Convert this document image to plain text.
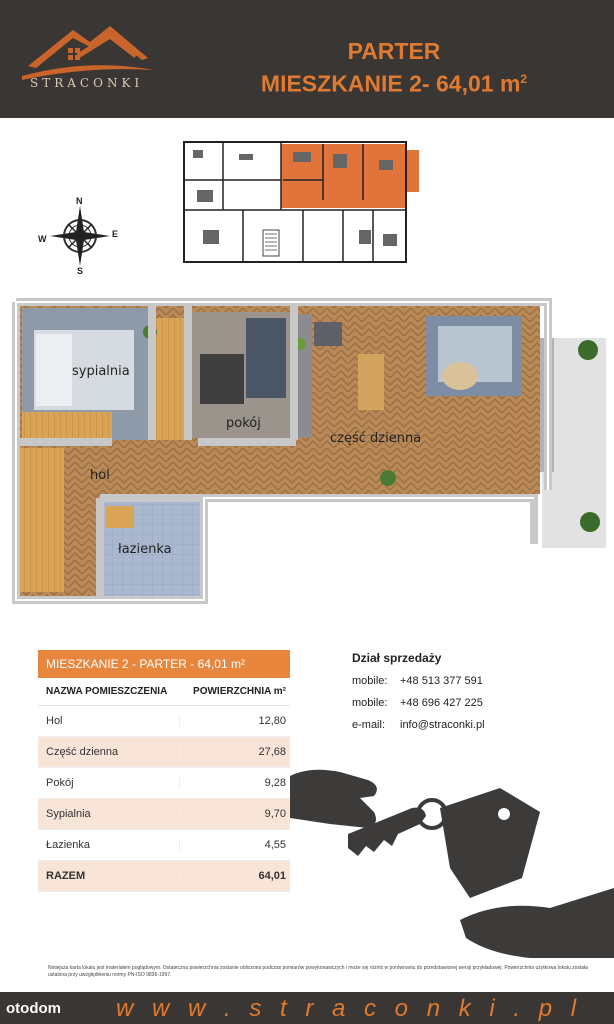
STRACONKI
PARTER
MIESZKANIE 2- 64,01 $m^2$
N
E
S
W
sypialnia
pokój
część dzienna
hol
łazienka
MIESZKANIE 2 - PARTER - 64,01 m²
NAZWA POMIESZCZENIA	POWIERZCHNIA m²
Hol	12,80
Część dzienna	27,68
Pokój	9,28
Sypialnia	9,70
Łazienka	4,55
RAZEM	64,01
Dział sprzedaży
mobile:	+48 513 377 591
mobile:	+48 696 427 225
e-mail:	info@straconki.pl
Niniejsza karta lokalu jest materiałem poglądowym. Ostateczna powierzchnia zostanie obliczona podczas pomiarów powykonawczych i może się różnić w porównaniu do przedstawionej wersji przykładowej. Powierzchnia użytkowa lokalu została ustalona przy uwzględnieniu normy PN-ISO 9836-1997.
otodom w w w . s t r a c o n k i . p l
